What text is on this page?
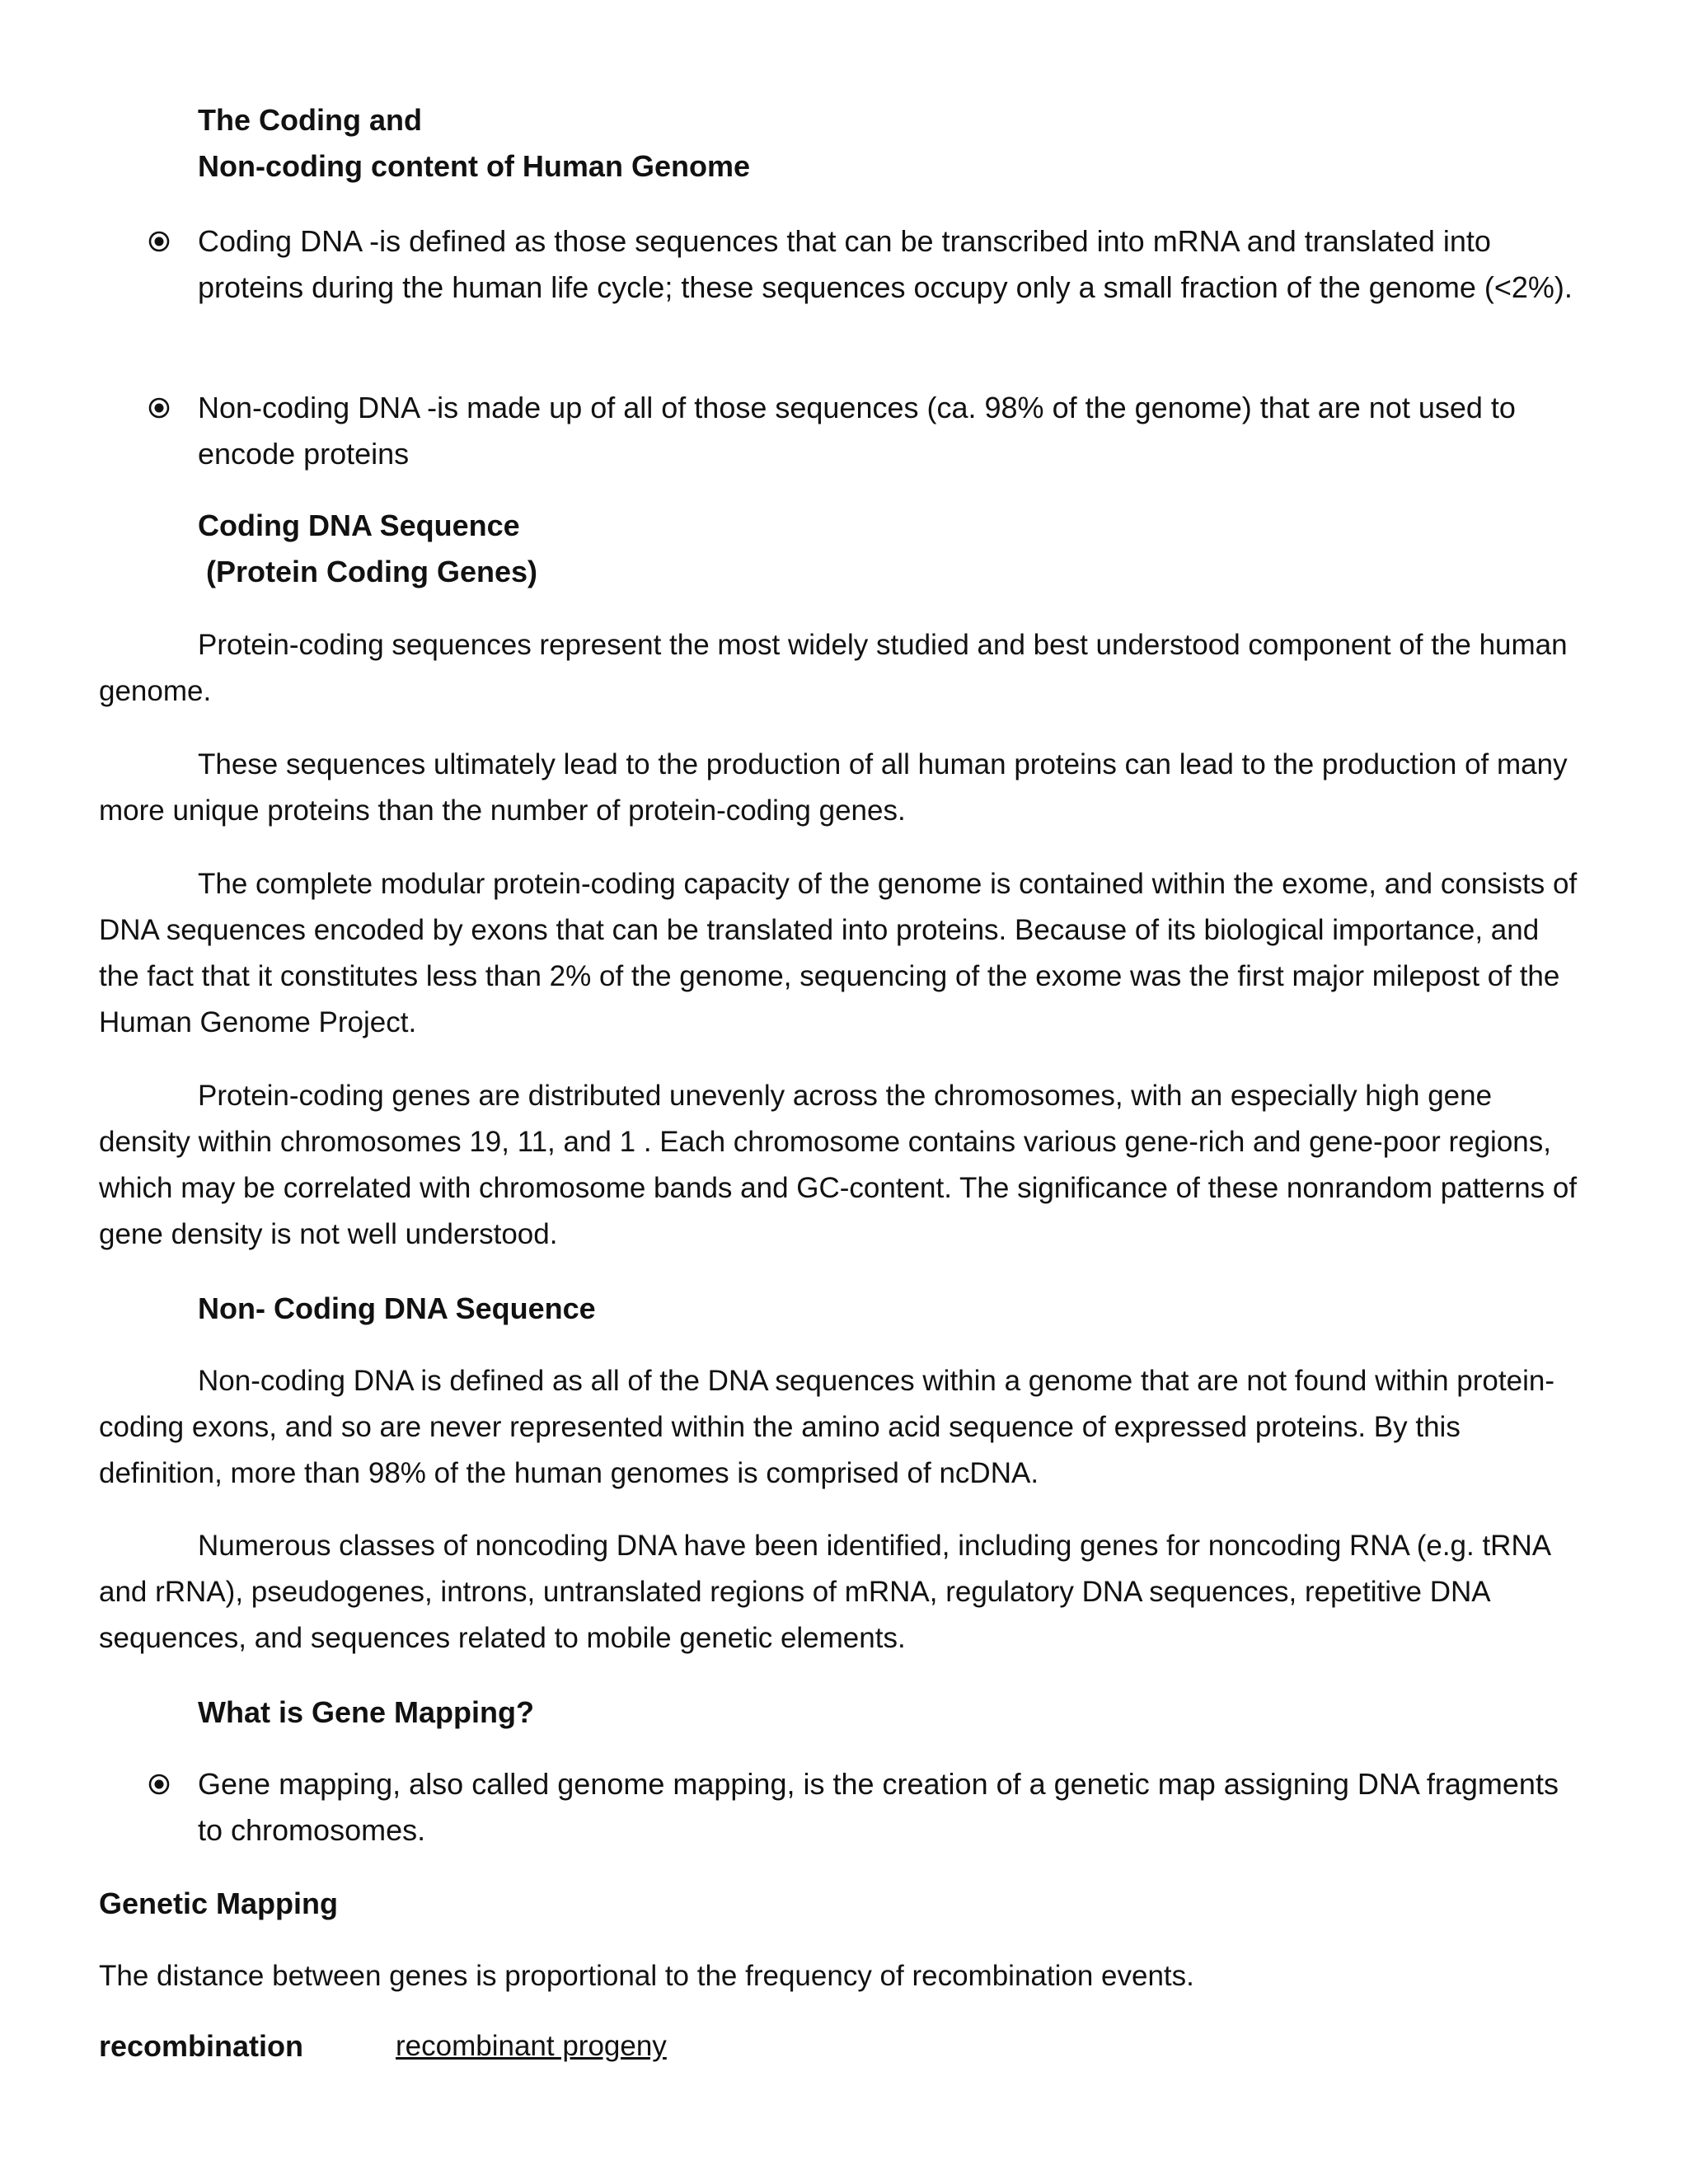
The Coding and
Non-coding content of Human Genome
Coding DNA -is defined as those sequences that can be transcribed into mRNA and translated into proteins during the human life cycle; these sequences occupy only a small fraction of the genome (<2%).
Non-coding DNA -is made up of all of those sequences (ca. 98% of the genome) that are not used to encode proteins
Coding DNA Sequence
(Protein Coding Genes)
Protein-coding sequences represent the most widely studied and best understood component of the human genome.
These sequences ultimately lead to the production of all human proteins can lead to the production of many more unique proteins than the number of protein-coding genes.
The complete modular protein-coding capacity of the genome is contained within the exome, and consists of DNA sequences encoded by exons that can be translated into proteins. Because of its biological importance, and the fact that it constitutes less than 2% of the genome, sequencing of the exome was the first major milepost of the Human Genome Project.
Protein-coding genes are distributed unevenly across the chromosomes, with an especially high gene density within chromosomes 19, 11, and 1 . Each chromosome contains various gene-rich and gene-poor regions, which may be correlated with chromosome bands and GC-content. The significance of these nonrandom patterns of gene density is not well understood.
Non- Coding DNA Sequence
Non-coding DNA is defined as all of the DNA sequences within a genome that are not found within protein-coding exons, and so are never represented within the amino acid sequence of expressed proteins. By this definition, more than 98% of the human genomes is comprised of ncDNA.
Numerous classes of noncoding DNA have been identified, including genes for noncoding RNA (e.g. tRNA and rRNA), pseudogenes, introns, untranslated regions of mRNA, regulatory DNA sequences, repetitive DNA sequences, and sequences related to mobile genetic elements.
What is Gene Mapping?
Gene mapping, also called genome mapping, is the creation of a genetic map assigning DNA fragments to chromosomes.
Genetic Mapping
The distance between genes is proportional to the frequency of recombination events.
recombination	recombinant progeny
